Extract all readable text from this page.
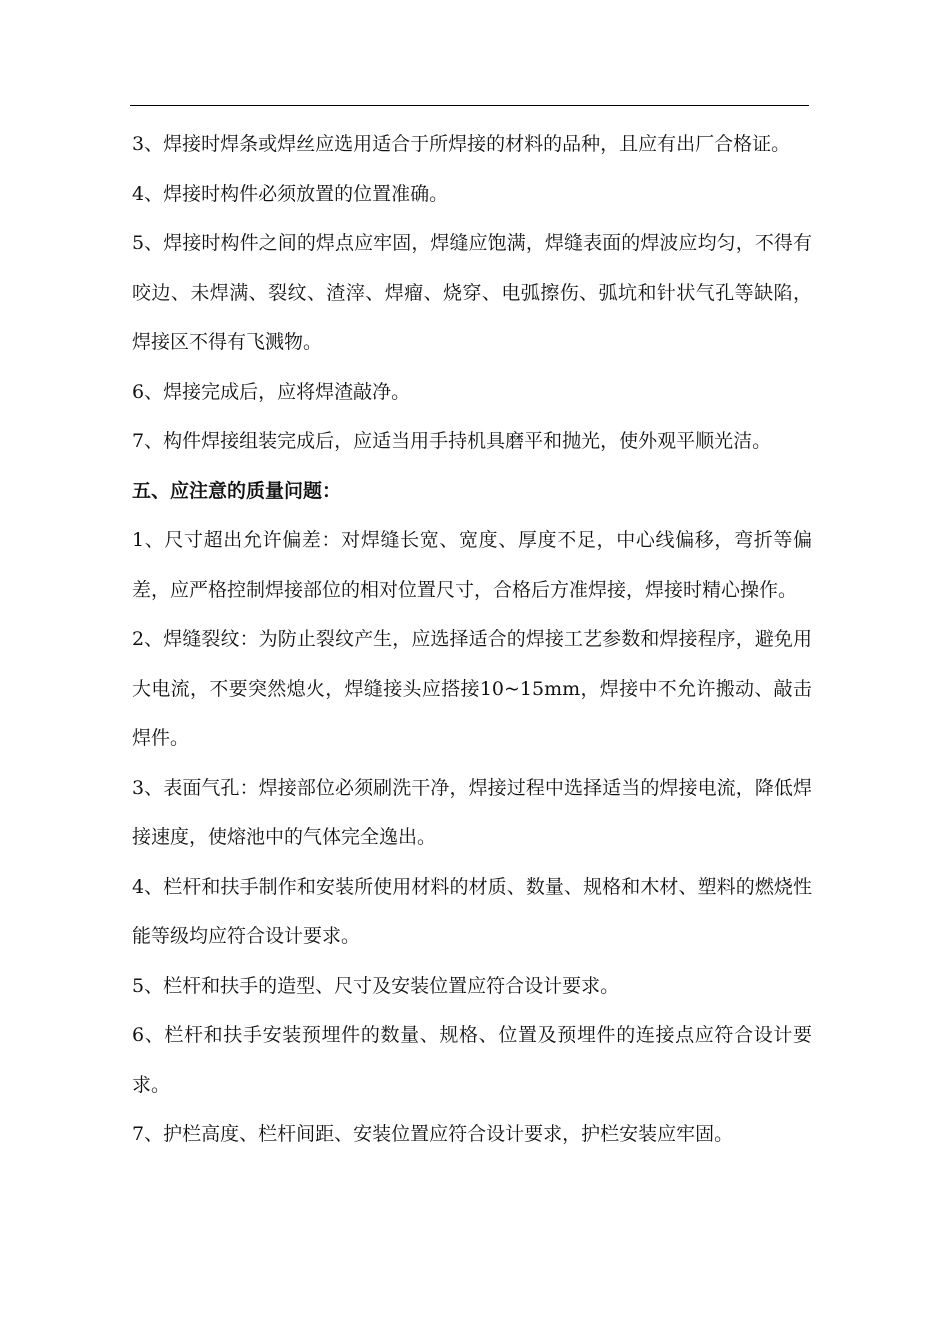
3、焊接时焊条或焊丝应选用适合于所焊接的材料的品种，且应有出厂合格证。

4、焊接时构件必须放置的位置准确。

5、焊接时构件之间的焊点应牢固，焊缝应饱满，焊缝表面的焊波应均匀，不得有咬边、未焊满、裂纹、渣滓、焊瘤、烧穿、电弧擦伤、弧坑和针状气孔等缺陷，焊接区不得有飞溅物。

6、焊接完成后，应将焊渣敲净。

7、构件焊接组装完成后，应适当用手持机具磨平和抛光，使外观平顺光洁。

五、应注意的质量问题：

1、尺寸超出允许偏差：对焊缝长宽、宽度、厚度不足，中心线偏移，弯折等偏差，应严格控制焊接部位的相对位置尺寸，合格后方准焊接，焊接时精心操作。

2、焊缝裂纹：为防止裂纹产生，应选择适合的焊接工艺参数和焊接程序，避免用大电流，不要突然熄火，焊缝接头应搭接10~15mm，焊接中不允许搬动、敲击焊件。

3、表面气孔：焊接部位必须刷洗干净，焊接过程中选择适当的焊接电流，降低焊接速度，使熔池中的气体完全逸出。

4、栏杆和扶手制作和安装所使用材料的材质、数量、规格和木材、塑料的燃烧性能等级均应符合设计要求。

5、栏杆和扶手的造型、尺寸及安装位置应符合设计要求。

6、栏杆和扶手安装预埋件的数量、规格、位置及预埋件的连接点应符合设计要求。

7、护栏高度、栏杆间距、安装位置应符合设计要求，护栏安装应牢固。
